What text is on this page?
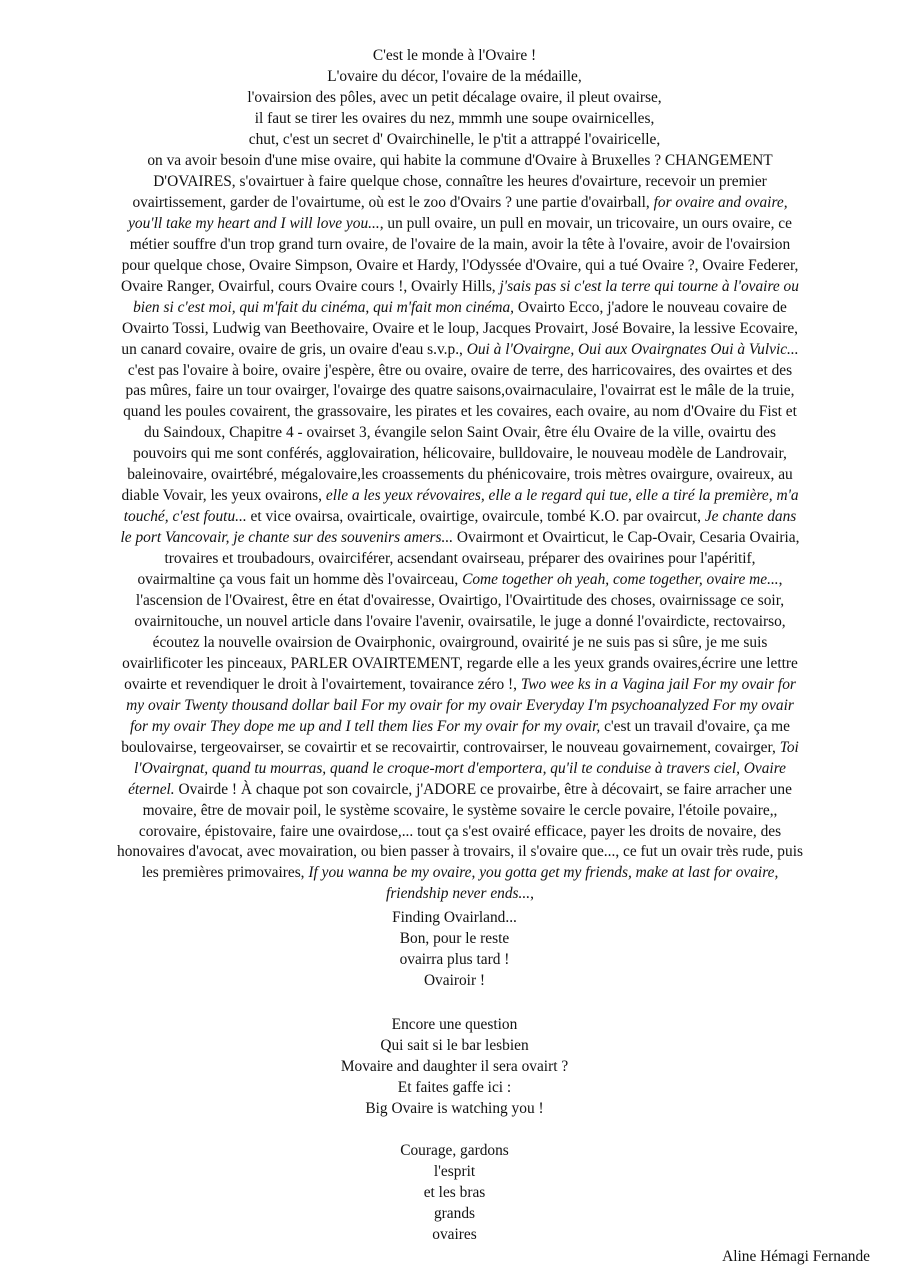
C'est le monde à l'Ovaire !
L'ovaire du décor, l'ovaire de la médaille,
l'ovairsion des pôles, avec un petit décalage ovaire, il pleut ovairse,
il faut se tirer les ovaires du nez, mmmh une soupe ovairnicelles,
chut, c'est un secret d' Ovairchinelle, le p'tit a attrappé l'ovairicelle,
on va avoir besoin d'une mise ovaire, qui habite la commune d'Ovaire à Bruxelles ? CHANGEMENT
D'OVAIRES, s'ovairtuer à faire quelque chose, connaître les heures d'ovairture, recevoir un premier
ovairtissement, garder de l'ovairtume, où est le zoo d'Ovairs ? une partie d'ovairball, for ovaire and ovaire,
you'll take my heart and I will love you..., un pull ovaire, un pull en movair, un tricovaire, un ours ovaire, ce
métier souffre d'un trop grand turn ovaire, de l'ovaire de la main, avoir la tête à l'ovaire, avoir de l'ovairsion
pour quelque chose, Ovaire Simpson, Ovaire et Hardy, l'Odyssée d'Ovaire, qui a tué Ovaire ?, Ovaire Federer,
Ovaire Ranger, Ovairful, cours Ovaire cours !, Ovairly Hills, j'sais pas si c'est la terre qui tourne à l'ovaire ou
bien si c'est moi, qui m'fait du cinéma, qui m'fait mon cinéma, Ovairto Ecco, j'adore le nouveau covaire de
Ovairto Tossi, Ludwig van Beethovaire, Ovaire et le loup, Jacques Provairt, José Bovaire, la lessive Ecovaire,
un canard covaire, ovaire de gris, un ovaire d'eau s.v.p., Oui à l'Ovairgne, Oui aux Ovairgnates Oui à Vulvic...
c'est pas l'ovaire à boire, ovaire j'espère, être ou ovaire, ovaire de terre, des harricovaires, des ovairtes et des
pas mûres, faire un tour ovairger, l'ovairge des quatre saisons,ovairnaculaire, l'ovairrat est le mâle de la truie,
quand les poules covairent, the grassovaire, les pirates et les covaires, each ovaire, au nom d'Ovaire du Fist et
du Saindoux, Chapitre 4 - ovairset 3, évangile selon Saint Ovair, être élu Ovaire de la ville, ovairtu des
pouvoirs qui me sont conférés, agglovairation, hélicovaire, bulldovaire, le nouveau modèle de Landrovair,
baleinovaire, ovairtébré, mégalovaire,les croassements du phénicovaire, trois mètres ovairgure, ovaireux, au
diable Vovair, les yeux ovairons, elle a les yeux révovaires, elle a le regard qui tue, elle a tiré la première, m'a
touché, c'est foutu... et vice ovairsa, ovairticale, ovairtige, ovaircule, tombé K.O. par ovaircut, Je chante dans
le port Vancovair, je chante sur des souvenirs amers... Ovairmont et Ovairticut, le Cap-Ovair, Cesaria Ovairia,
trovaires et troubadours, ovairciférer, acsendant ovairseau, préparer des ovairines pour l'apéritif,
ovairmaltine ça vous fait un homme dès l'ovairceau, Come together oh yeah, come together, ovaire me...,
l'ascension de l'Ovairest, être en état d'ovairesse, Ovairtigo, l'Ovairtitude des choses, ovairnissage ce soir,
ovairnitouche, un nouvel article dans l'ovaire l'avenir, ovairsatile, le juge a donné l'ovairdicte, rectovairso,
écoutez la nouvelle ovairsion de Ovairphonic, ovairground, ovairité je ne suis pas si sûre, je me suis
ovairlificoter les pinceaux, PARLER OVAIRTEMENT, regarde elle a les yeux grands ovaires,écrire une lettre
ovairte et revendiquer le droit à l'ovairtement, tovairance zéro !, Two wee ks in a Vagina jail For my ovair for
my ovair Twenty thousand dollar bail For my ovair for my ovair Everyday I'm psychoanalyzed For my ovair
for my ovair They dope me up and I tell them lies For my ovair for my ovair, c'est un travail d'ovaire, ça me
boulovairse, tergeovairser, se covairtir et se recovairtir, controvairser, le nouveau govairnement, covairger, Toi
l'Ovairgnat, quand tu mourras, quand le croque-mort d'emportera, qu'il te conduise à travers ciel, Ovaire
éternel. Ovairde ! À chaque pot son covaircle, j'ADORE ce provairbe, être à décovairt, se faire arracher une
movaire, être de movair poil, le système scovaire, le système sovaire le cercle povaire, l'étoile povaire,,
corovaire, épistovaire, faire une ovairdose,... tout ça s'est ovairé efficace, payer les droits de novaire, des
honovaires d'avocat, avec movairation, ou bien passer à trovairs, il s'ovaire que..., ce fut un ovair très rude, puis
les premières primovaires, If you wanna be my ovaire, you gotta get my friends, make at last for ovaire,
friendship never ends...,
Finding Ovairland...
Bon, pour le reste
ovairra plus tard !
Ovairoir !
Encore une question
Qui sait si le bar lesbien
Movaire and daughter il sera ovairt ?
Et faites gaffe ici :
Big Ovaire is watching you !
Courage, gardons
l'esprit
et les bras
grands
ovaires
Aline Hémagi Fernande
